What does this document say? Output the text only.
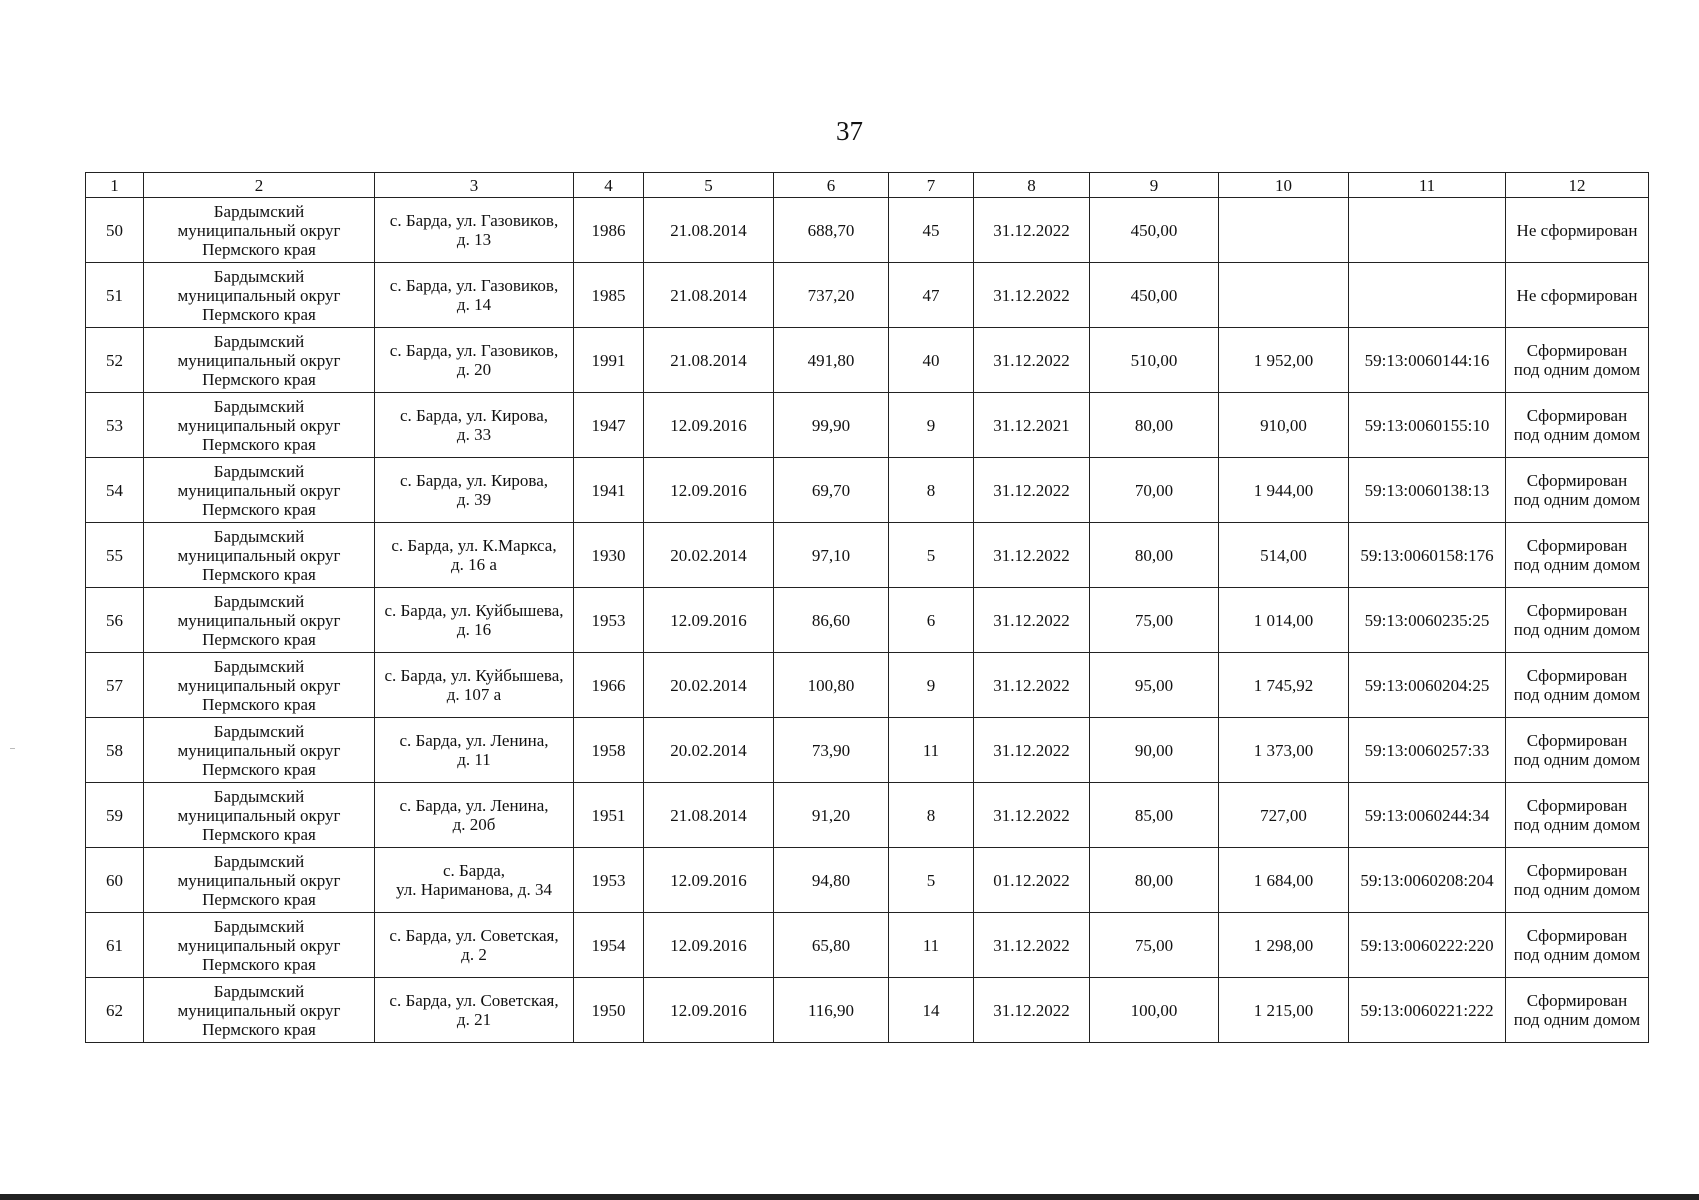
37
1	2	3	4	5	6	7	8	9	10	11	12
50	Бардымский
муниципальный округ
Пермского края	с. Барда, ул. Газовиков,
д. 13	1986	21.08.2014	688,70	45	31.12.2022	450,00			Не сформирован

51	Бардымский
муниципальный округ
Пермского края	с. Барда, ул. Газовиков,
д. 14	1985	21.08.2014	737,20	47	31.12.2022	450,00			Не сформирован

52	Бардымский
муниципальный округ
Пермского края	с. Барда, ул. Газовиков,
д. 20	1991	21.08.2014	491,80	40	31.12.2022	510,00	1 952,00	59:13:0060144:16	Сформирован
под одним домом

53	Бардымский
муниципальный округ
Пермского края	с. Барда, ул. Кирова,
д. 33	1947	12.09.2016	99,90	9	31.12.2021	80,00	910,00	59:13:0060155:10	Сформирован
под одним домом

54	Бардымский
муниципальный округ
Пермского края	с. Барда, ул. Кирова,
д. 39	1941	12.09.2016	69,70	8	31.12.2022	70,00	1 944,00	59:13:0060138:13	Сформирован
под одним домом

55	Бардымский
муниципальный округ
Пермского края	с. Барда, ул. К.Маркса,
д. 16 а	1930	20.02.2014	97,10	5	31.12.2022	80,00	514,00	59:13:0060158:176	Сформирован
под одним домом

56	Бардымский
муниципальный округ
Пермского края	с. Барда, ул. Куйбышева,
д. 16	1953	12.09.2016	86,60	6	31.12.2022	75,00	1 014,00	59:13:0060235:25	Сформирован
под одним домом

57	Бардымский
муниципальный округ
Пермского края	с. Барда, ул. Куйбышева,
д. 107 а	1966	20.02.2014	100,80	9	31.12.2022	95,00	1 745,92	59:13:0060204:25	Сформирован
под одним домом

58	Бардымский
муниципальный округ
Пермского края	с. Барда, ул. Ленина,
д. 11	1958	20.02.2014	73,90	11	31.12.2022	90,00	1 373,00	59:13:0060257:33	Сформирован
под одним домом

59	Бардымский
муниципальный округ
Пермского края	с. Барда, ул. Ленина,
д. 20б	1951	21.08.2014	91,20	8	31.12.2022	85,00	727,00	59:13:0060244:34	Сформирован
под одним домом

60	Бардымский
муниципальный округ
Пермского края	с. Барда,
ул. Нариманова, д. 34	1953	12.09.2016	94,80	5	01.12.2022	80,00	1 684,00	59:13:0060208:204	Сформирован
под одним домом

61	Бардымский
муниципальный округ
Пермского края	с. Барда, ул. Советская,
д. 2	1954	12.09.2016	65,80	11	31.12.2022	75,00	1 298,00	59:13:0060222:220	Сформирован
под одним домом

62	Бардымский
муниципальный округ
Пермского края	с. Барда, ул. Советская,
д. 21	1950	12.09.2016	116,90	14	31.12.2022	100,00	1 215,00	59:13:0060221:222	Сформирован
под одним домом
